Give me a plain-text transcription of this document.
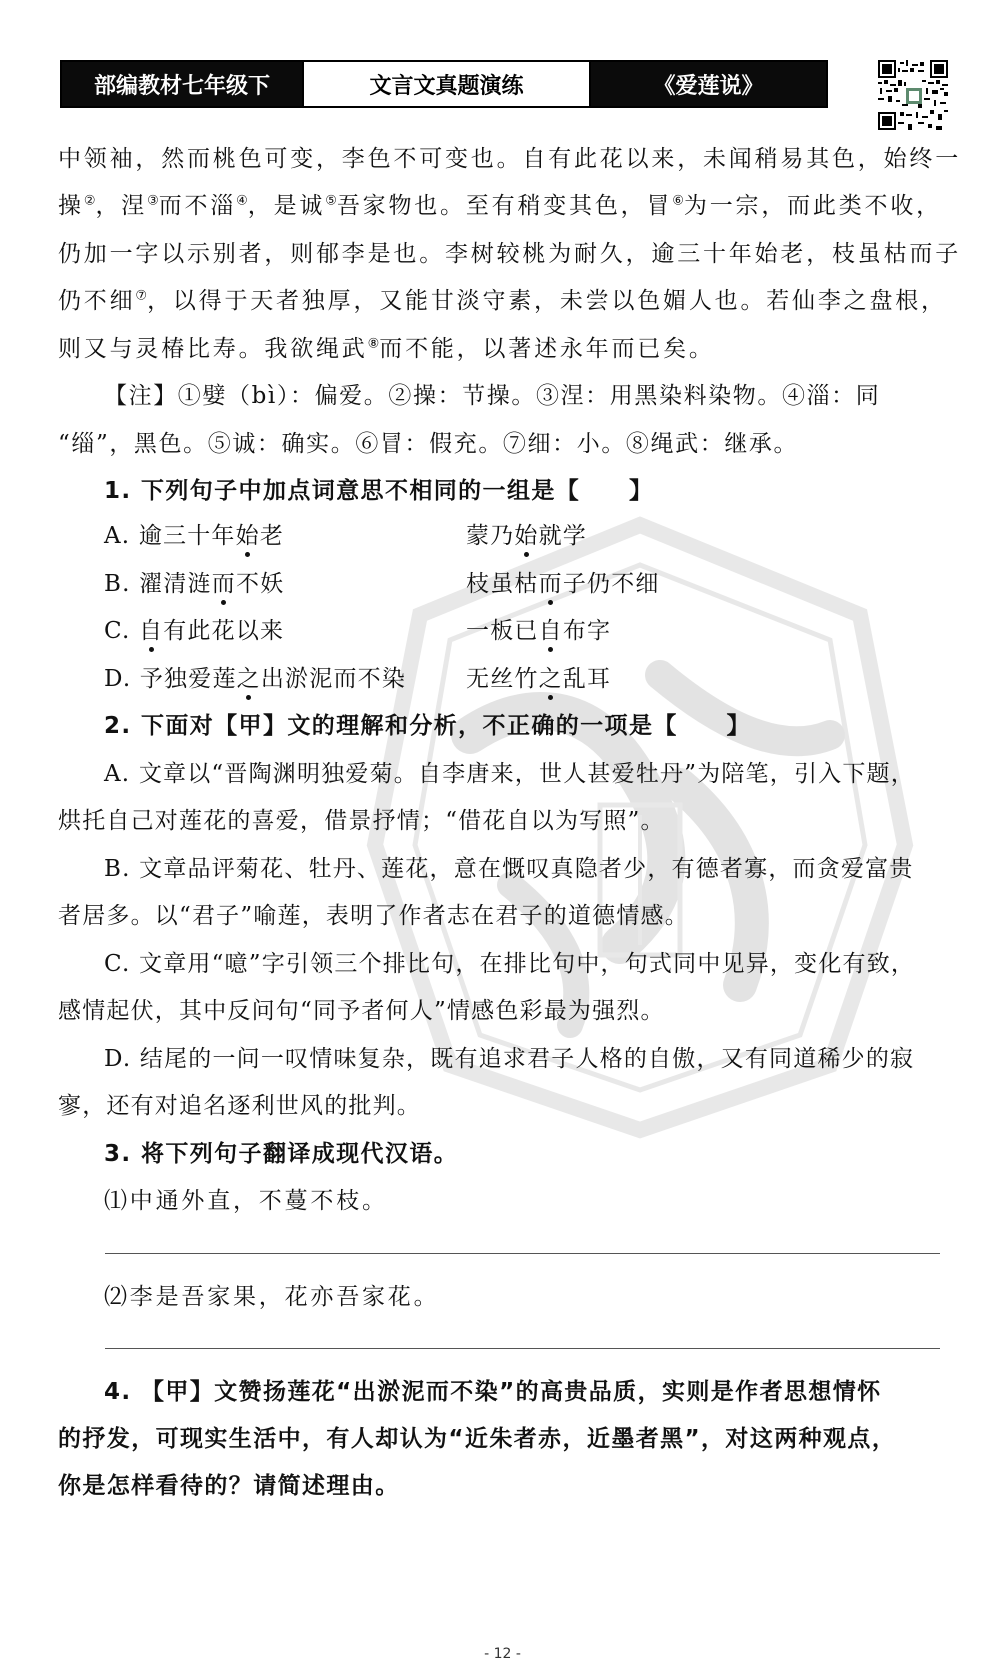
部编教材七年级下	文言文真题演练	《爱莲说》
中领袖，然而桃色可变，李色不可变也。自有此花以来，未闻稍易其色，始终一
操②，涅③而不淄④，是诚⑤吾家物也。至有稍变其色，冒⑥为一宗，而此类不收，
仍加一字以示别者，则郁李是也。李树较桃为耐久，逾三十年始老，枝虽枯而子
仍不细⑦，以得于天者独厚，又能甘淡守素，未尝以色媚人也。若仙李之盘根，
则又与灵椿比寿。我欲绳武⑧而不能，以著述永年而已矣。
【注】①嬖（bì）：偏爱。②操：节操。③涅：用黑染料染物。④淄：同
“缁”，黑色。⑤诚：确实。⑥冒：假充。⑦细：小。⑧绳武：继承。
1. 下列句子中加点词意思不相同的一组是【　　】
A. 逾三十年始老	蒙乃始就学
B. 濯清涟而不妖	枝虽枯而子仍不细
C. 自有此花以来	一板已自布字
D. 予独爱莲之出淤泥而不染	无丝竹之乱耳
2. 下面对【甲】文的理解和分析，不正确的一项是【　　】
A. 文章以“晋陶渊明独爱菊。自李唐来，世人甚爱牡丹”为陪笔，引入下题，
烘托自己对莲花的喜爱，借景抒情；“借花自以为写照”。
B. 文章品评菊花、牡丹、莲花，意在慨叹真隐者少，有德者寡，而贪爱富贵
者居多。以“君子”喻莲，表明了作者志在君子的道德情感。
C. 文章用“噫”字引领三个排比句，在排比句中，句式同中见异，变化有致，
感情起伏，其中反问句“同予者何人”情感色彩最为强烈。
D. 结尾的一问一叹情味复杂，既有追求君子人格的自傲，又有同道稀少的寂
寥，还有对追名逐利世风的批判。
3. 将下列句子翻译成现代汉语。
⑴中通外直，不蔓不枝。
⑵李是吾家果，花亦吾家花。
4. 【甲】文赞扬莲花“出淤泥而不染”的高贵品质，实则是作者思想情怀
的抒发，可现实生活中，有人却认为“近朱者赤，近墨者黑”，对这两种观点，
你是怎样看待的？请简述理由。
- 12 -
